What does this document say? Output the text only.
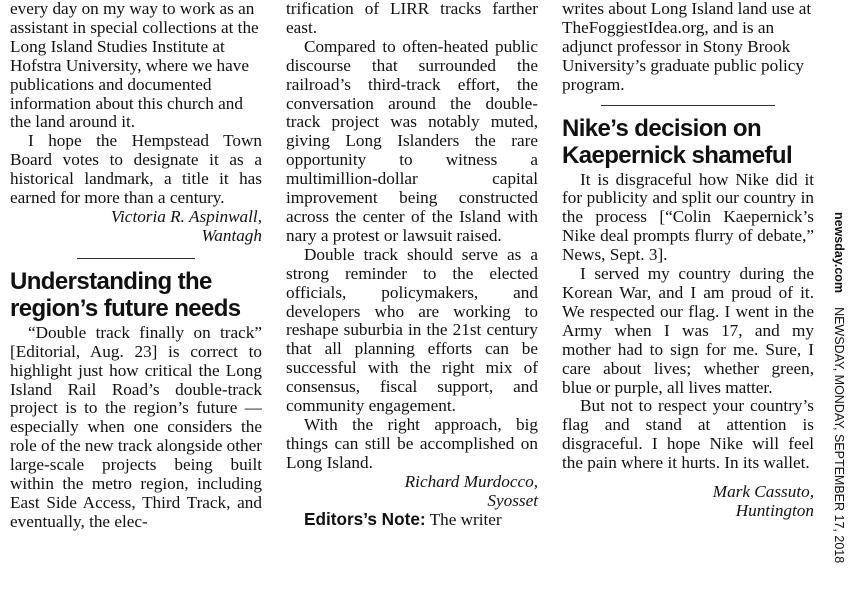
every day on my way to work as an assistant in special collections at the Long Island Studies Institute at Hofstra University, where we have publications and documented information about this church and the land around it.

I hope the Hempstead Town Board votes to designate it as a historical landmark, a title it has earned for more than a century.

Victoria R. Aspinwall,

Wantagh

Understanding the
region’s future needs

“Double track finally on track” [Editorial, Aug. 23] is correct to highlight just how critical the Long Island Rail Road’s double-track project is to the region’s future — especially when one considers the role of the new track alongside other large-scale projects being built within the metro region, including East Side Access, Third Track, and eventually, the elec-

trification of LIRR tracks farther east.

Compared to often-heated public discourse that surrounded the railroad’s third-track effort, the conversation around the double-track project was notably muted, giving Long Islanders the rare opportunity to witness a multimillion-dollar capital improvement being constructed across the center of the Island with nary a protest or lawsuit raised.

Double track should serve as a strong reminder to the elected officials, policymakers, and developers who are working to reshape suburbia in the 21st century that all planning efforts can be successful with the right mix of consensus, fiscal support, and community engagement.

With the right approach, big things can still be accomplished on Long Island.

Richard Murdocco,

Syosset

Editors’s Note: The writer

writes about Long Island land use at TheFoggiestIdea.org, and is an adjunct professor in Stony Brook University’s graduate public policy program.

Nike’s decision on
Kaepernick shameful

It is disgraceful how Nike did it for publicity and split our country in the process [“Colin Kaepernick’s Nike deal prompts flurry of debate,” News, Sept. 3].

I served my country during the Korean War, and I am proud of it. We respected our flag. I went in the Army when I was 17, and my mother had to sign for me. Sure, I care about lives; whether green, blue or purple, all lives matter.

But not to respect your country’s flag and stand at attention is disgraceful. I hope Nike will feel the pain where it hurts. In its wallet.

Mark Cassuto,

Huntington

newsday.comNEWSDAY, MONDAY, SEPTEMBER 17, 2018
